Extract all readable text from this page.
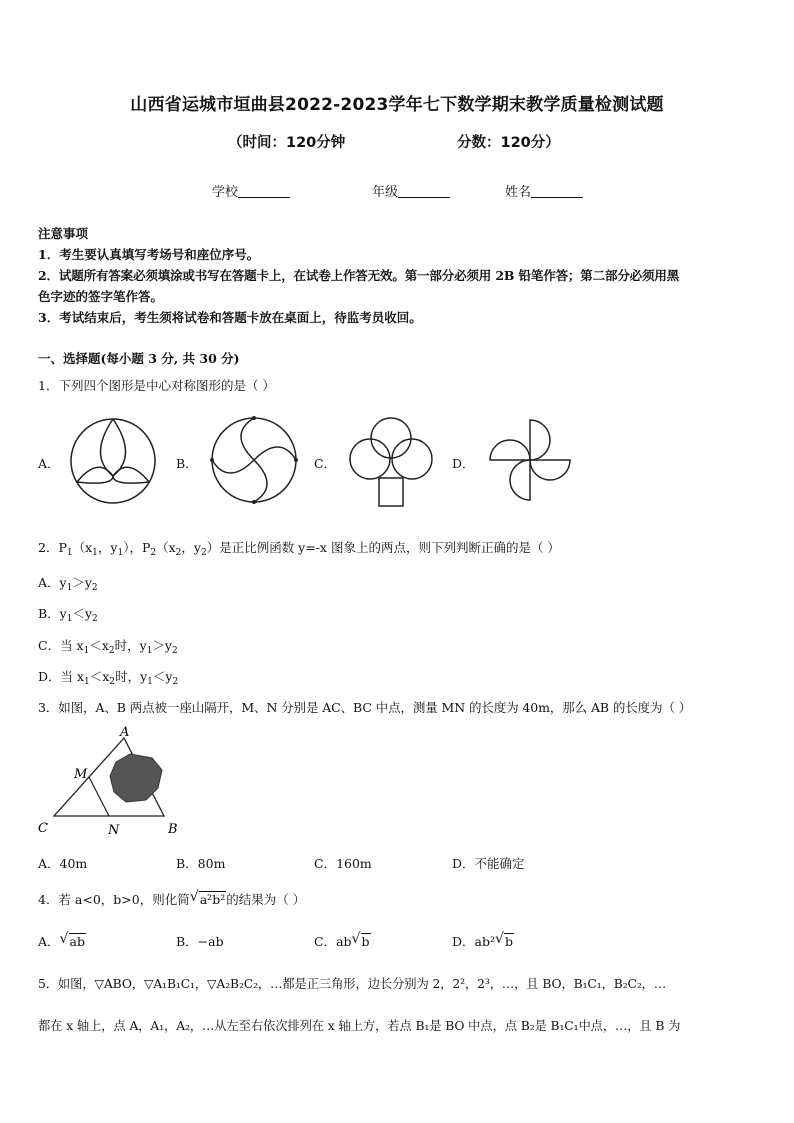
山西省运城市垣曲县2022-2023学年七下数学期末教学质量检测试题
（时间：120分钟	分数：120分）
学校	年级	姓名
注意事项
1．考生要认真填写考场号和座位序号。
2．试题所有答案必须填涂或书写在答题卡上，在试卷上作答无效。第一部分必须用 2B 铅笔作答；第二部分必须用黑
色字迹的签字笔作答。
3．考试结束后，考生须将试卷和答题卡放在桌面上，待监考员收回。
一、选择题(每小题 3 分, 共 30 分)
1．下列四个图形是中心对称图形的是（ ）
A．	B．	C．	D．
2．$P_1(x_1$，$y_1$），$P_2(x_2$，$y_2$）是正比例函数 y=-x 图象上的两点，则下列判断正确的是（ ）
A．$y_1>y_2$
B．$y_1<y_2$
C．当 $x_1<x_2$时，$y_1>y_2$
D．当 $x_1<x_2$时，$y_1<y_2$
3．如图，A、B 两点被一座山隔开，M、N 分别是 AC、BC 中点，测量 MN 的长度为 40m，那么 AB 的长度为（ ）
A
B
C
M
N
A．40m	B．80m	C．160m	D．不能确定
4．若 a<0，b>0，则化简 √ a²b²的结果为（ ）
A． √ ab	B．−ab	C．ab √ b	D．ab² √ b
5．如图，▽ABO，▽A₁B₁C₁，▽A₂B₂C₂，…都是正三角形，边长分别为 2，2²，2³，…，且 BO，B₁C₁，B₂C₂，…
都在 x 轴上，点 A，A₁，A₂，…从左至右依次排列在 x 轴上方，若点 B₁是 BO 中点，点 B₂是 B₁C₁中点，…，且 B 为
